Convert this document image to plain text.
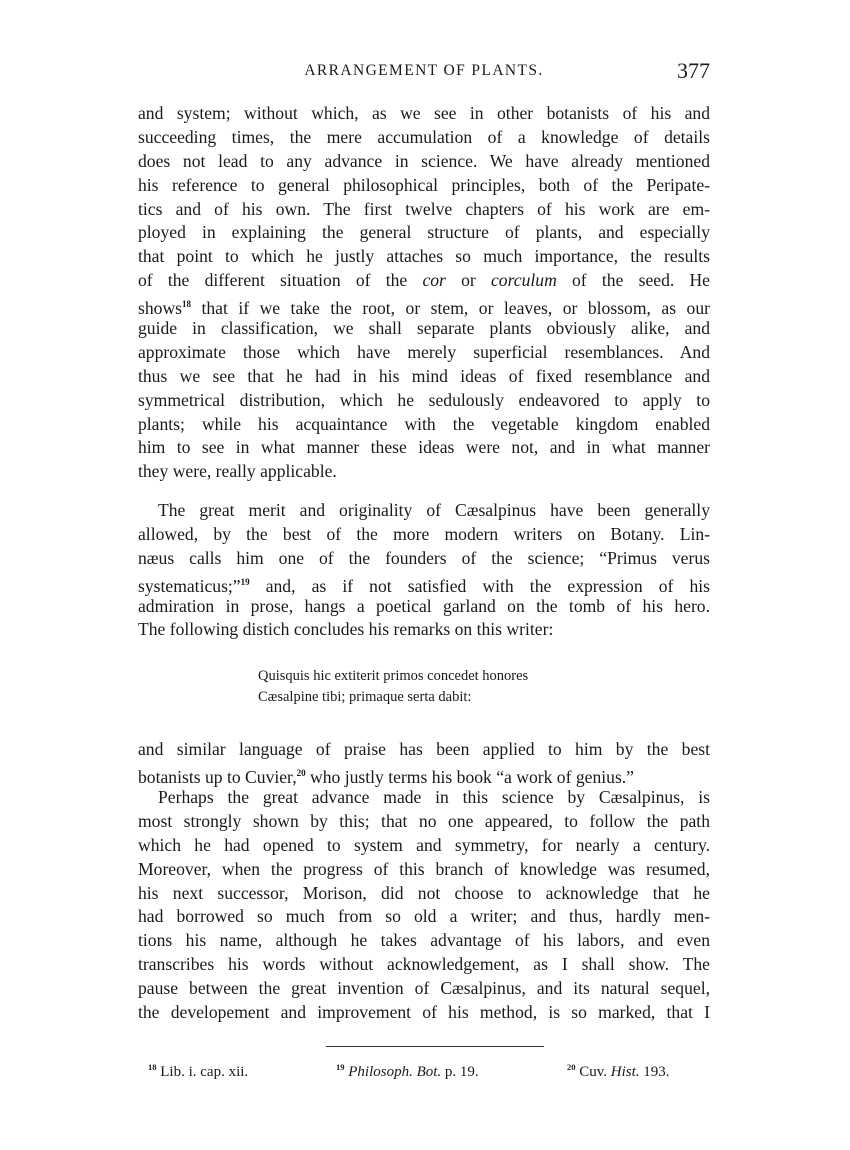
ARRANGEMENT OF PLANTS.	377
and system; without which, as we see in other botanists of his and
succeeding times, the mere accumulation of a knowledge of details
does not lead to any advance in science. We have already mentioned
his reference to general philosophical principles, both of the Peripate-
tics and of his own. The first twelve chapters of his work are em-
ployed in explaining the general structure of plants, and especially
that point to which he justly attaches so much importance, the results
of the different situation of the cor or corculum of the seed. He
shows$^{18}$ that if we take the root, or stem, or leaves, or blossom, as our
guide in classification, we shall separate plants obviously alike, and
approximate those which have merely superficial resemblances. And
thus we see that he had in his mind ideas of fixed resemblance and
symmetrical distribution, which he sedulously endeavored to apply to
plants; while his acquaintance with the vegetable kingdom enabled
him to see in what manner these ideas were not, and in what manner
they were, really applicable.
The great merit and originality of Cæsalpinus have been generally
allowed, by the best of the more modern writers on Botany. Lin-
næus calls him one of the founders of the science; “Primus verus
systematicus;”$^{19}$ and, as if not satisfied with the expression of his
admiration in prose, hangs a poetical garland on the tomb of his hero.
The following distich concludes his remarks on this writer:
Quisquis hic extiterit primos concedet honores
Cæsalpine tibi; primaque serta dabit:
and similar language of praise has been applied to him by the best
botanists up to Cuvier,$^{20}$ who justly terms his book “a work of genius.”
Perhaps the great advance made in this science by Cæsalpinus, is
most strongly shown by this; that no one appeared, to follow the path
which he had opened to system and symmetry, for nearly a century.
Moreover, when the progress of this branch of knowledge was resumed,
his next successor, Morison, did not choose to acknowledge that he
had borrowed so much from so old a writer; and thus, hardly men-
tions his name, although he takes advantage of his labors, and even
transcribes his words without acknowledgement, as I shall show. The
pause between the great invention of Cæsalpinus, and its natural sequel,
the developement and improvement of his method, is so marked, that I
$^{18}$ Lib. i. cap. xii.	$^{19}$ Philosoph. Bot. p. 19.	$^{20}$ Cuv. Hist. 193.
